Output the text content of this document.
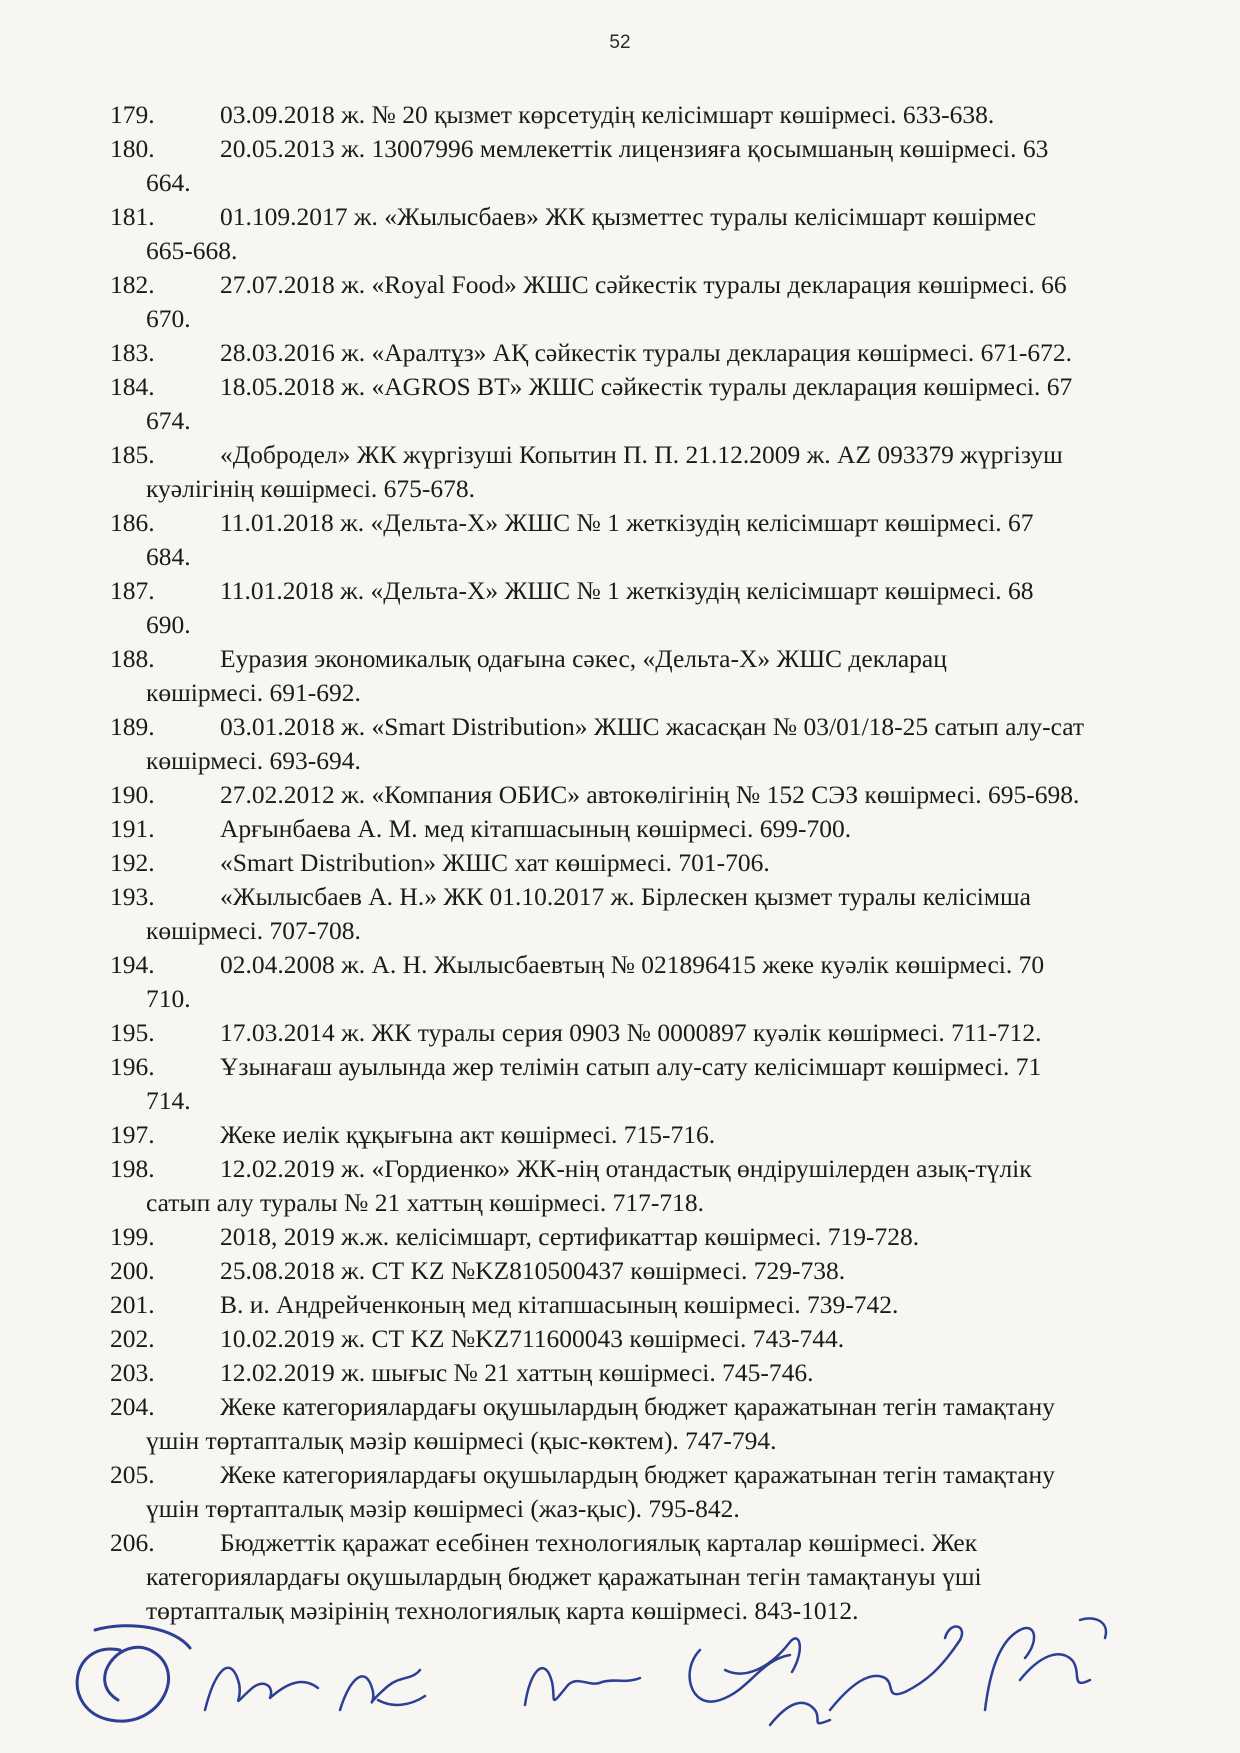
52
179.	03.09.2018 ж. № 20 қызмет көрсетудің келісімшарт көшірмесі. 633-638.
180.	20.05.2013 ж. 13007996 мемлекеттік лицензияға қосымшаның көшірмесі. 63
664.
181.	01.109.2017 ж. «Жылысбаев» ЖК қызметтес туралы келісімшарт көшірмес
665-668.
182.	27.07.2018 ж. «Royal Food» ЖШС сәйкестік туралы декларация көшірмесі. 66
670.
183.	28.03.2016 ж. «Аралтұз» АҚ сәйкестік туралы декларация көшірмесі. 671-672.
184.	18.05.2018 ж. «AGROS BT» ЖШС сәйкестік туралы декларация көшірмесі. 67
674.
185.	«Добродел» ЖК жүргізуші Копытин П. П. 21.12.2009 ж. AZ 093379 жүргізуш
куәлігінің көшірмесі. 675-678.
186.	11.01.2018 ж. «Дельта-Х» ЖШС № 1 жеткізудің келісімшарт көшірмесі. 67
684.
187.	11.01.2018 ж. «Дельта-Х» ЖШС № 1 жеткізудің келісімшарт көшірмесі. 68
690.
188.	Еуразия экономикалық одағына сәкес, «Дельта-Х» ЖШС декларац
көшірмесі. 691-692.
189.	03.01.2018 ж. «Smart Distribution» ЖШС жасасқан № 03/01/18-25 сатып алу-сат
көшірмесі. 693-694.
190.	27.02.2012 ж. «Компания ОБИС» автокөлігінің № 152 СЭЗ көшірмесі. 695-698.
191.	Арғынбаева А. М. мед кітапшасының көшірмесі. 699-700.
192.	«Smart Distribution» ЖШС хат көшірмесі. 701-706.
193.	«Жылысбаев А. Н.» ЖК 01.10.2017 ж. Бірлескен қызмет туралы келісімша
көшірмесі. 707-708.
194.	02.04.2008 ж. А. Н. Жылысбаевтың № 021896415 жеке куәлік көшірмесі. 70
710.
195.	17.03.2014 ж. ЖК туралы серия 0903 № 0000897 куәлік көшірмесі. 711-712.
196.	Ұзынағаш ауылында жер телімін сатып алу-сату келісімшарт көшірмесі. 71
714.
197.	Жеке иелік құқығына акт көшірмесі. 715-716.
198.	12.02.2019 ж. «Гордиенко» ЖК-нің отандастық өндірушілерден азық-түлік
сатып алу туралы № 21 хаттың көшірмесі. 717-718.
199.	2018, 2019 ж.ж. келісімшарт, сертификаттар көшірмесі. 719-728.
200.	25.08.2018 ж. СТ KZ №KZ810500437 көшірмесі. 729-738.
201.	В. и. Андрейченконың мед кітапшасының көшірмесі. 739-742.
202.	10.02.2019 ж. СТ KZ №KZ711600043 көшірмесі. 743-744.
203.	12.02.2019 ж. шығыс № 21 хаттың көшірмесі. 745-746.
204.	Жеке категориялардағы оқушылардың бюджет қаражатынан тегін тамақтану
үшін төртапталық мәзір көшірмесі (қыс-көктем). 747-794.
205.	Жеке категориялардағы оқушылардың бюджет қаражатынан тегін тамақтану
үшін төртапталық мәзір көшірмесі (жаз-қыс). 795-842.
206.	Бюджеттік қаражат есебінен технологиялық карталар көшірмесі. Жек
категориялардағы оқушылардың бюджет қаражатынан тегін тамақтануы үші
төртапталық мәзірінің технологиялық карта көшірмесі. 843-1012.
